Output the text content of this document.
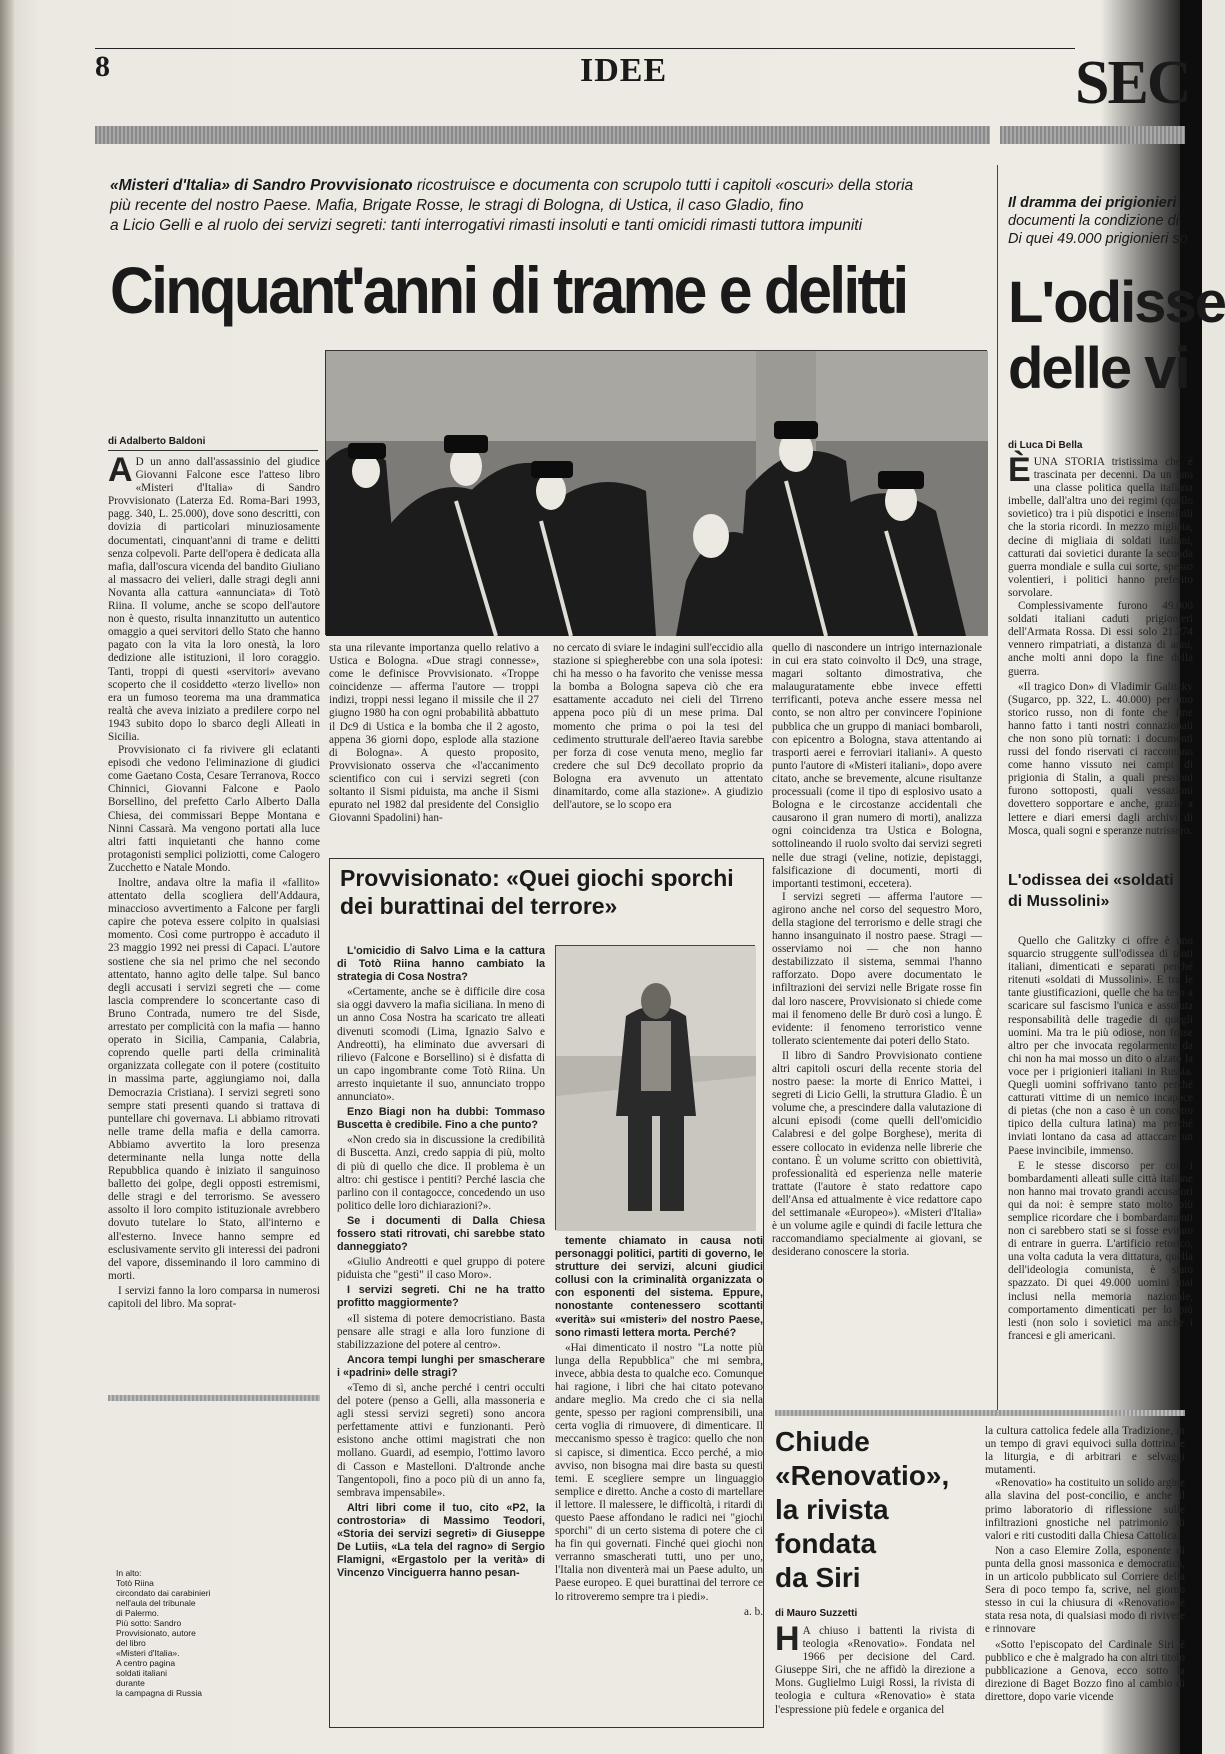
8	IDEE	SEC
«Misteri d'Italia» di Sandro Provvisionato ricostruisce e documenta con scrupolo tutti i capitoli «oscuri» della storia
più recente del nostro Paese. Mafia, Brigate Rosse, le stragi di Bologna, di Ustica, il caso Gladio, fino
a Licio Gelli e al ruolo dei servizi segreti: tanti interrogativi rimasti insoluti e tanti omicidi rimasti tuttora impuniti
Cinquant'anni di trame e delitti
di Adalberto Baldoni
A D un anno dall'assassinio del giudice Giovanni Falcone esce l'atteso libro «Misteri d'Italia» di Sandro Provvisionato (Laterza Ed. Roma-Bari 1993, pagg. 340, L. 25.000), dove sono descritti, con dovizia di particolari minuziosamente documentati, cinquant'anni di trame e delitti senza colpevoli. Parte dell'opera è dedicata alla mafia, dall'oscura vicenda del bandito Giuliano al massacro dei velieri, dalle stragi degli anni Novanta alla cattura «annunciata» di Totò Riina. Il volume, anche se scopo dell'autore non è questo, risulta innanzitutto un autentico omaggio a quei servitori dello Stato che hanno pagato con la vita la loro onestà, la loro dedizione alle istituzioni, il loro coraggio. Tanti, troppi di questi «servitori» avevano scoperto che il cosiddetto «terzo livello» non era un fumoso teorema ma una drammatica realtà che aveva iniziato a predilere corpo nel 1943 subito dopo lo sbarco degli Alleati in Sicilia.

Provvisionato ci fa rivivere gli eclatanti episodi che vedono l'eliminazione di giudici come Gaetano Costa, Cesare Terranova, Rocco Chinnici, Giovanni Falcone e Paolo Borsellino, del prefetto Carlo Alberto Dalla Chiesa, dei commissari Beppe Montana e Ninni Cassarà. Ma vengono portati alla luce altri fatti inquietanti che hanno come protagonisti semplici poliziotti, come Calogero Zucchetto e Natale Mondo.

Inoltre, andava oltre la mafia il «fallito» attentato della scogliera dell'Addaura, minaccioso avvertimento a Falcone per fargli capire che poteva essere colpito in qualsiasi momento. Così come purtroppo è accaduto il 23 maggio 1992 nei pressi di Capaci. L'autore sostiene che sia nel primo che nel secondo attentato, hanno agito delle talpe. Sul banco degli accusati i servizi segreti che — come lascia comprendere lo sconcertante caso di Bruno Contrada, numero tre del Sisde, arrestato per complicità con la mafia — hanno operato in Sicilia, Campania, Calabria, coprendo quelle parti della criminalità organizzata collegate con il potere (costituito in massima parte, aggiungiamo noi, dalla Democrazia Cristiana). I servizi segreti sono sempre stati presenti quando si trattava di puntellare chi governava. Li abbiamo ritrovati nelle trame della mafia e della camorra. Abbiamo avvertito la loro presenza determinante nella lunga notte della Repubblica quando è iniziato il sanguinoso balletto dei golpe, degli opposti estremismi, delle stragi e del terrorismo. Se avessero assolto il loro compito istituzionale avrebbero dovuto tutelare lo Stato, all'interno e all'esterno. Invece hanno sempre ed esclusivamente servito gli interessi dei padroni del vapore, disseminando il loro cammino di morti.

I servizi fanno la loro comparsa in numerosi capitoli del libro. Ma soprat-

In alto:
Totò Riina
circondato dai carabinieri
nell'aula del tribunale
di Palermo.
Più sotto: Sandro
Provvisionato, autore
del libro
«Misteri d'Italia».
A centro pagina
soldati italiani
durante
la campagna di Russia
sta una rilevante importanza quello relativo a Ustica e Bologna. «Due stragi connesse», come le definisce Provvisionato. «Troppe coincidenze — afferma l'autore — troppi indizi, troppi nessi legano il missile che il 27 giugno 1980 ha con ogni probabilità abbattuto il Dc9 di Ustica e la bomba che il 2 agosto, appena 36 giorni dopo, esplode alla stazione di Bologna». A questo proposito, Provvisionato osserva che «l'accanimento scientifico con cui i servizi segreti (con soltanto il Sismi piduista, ma anche il Sismi epurato nel 1982 dal presidente del Consiglio Giovanni Spadolini) han-
no cercato di sviare le indagini sull'eccidio alla stazione si spiegherebbe con una sola ipotesi: chi ha messo o ha favorito che venisse messa la bomba a Bologna sapeva ciò che era esattamente accaduto nei cieli del Tirreno appena poco più di un mese prima. Dal momento che prima o poi la tesi del cedimento strutturale dell'aereo Itavia sarebbe per forza di cose venuta meno, meglio far credere che sul Dc9 decollato proprio da Bologna era avvenuto un attentato dinamitardo, come alla stazione». A giudizio dell'autore, se lo scopo era
quello di nascondere un intrigo internazionale in cui era stato coinvolto il Dc9, una strage, magari soltanto dimostrativa, che malauguratamente ebbe invece effetti terrificanti, poteva anche essere messa nel conto, se non altro per convincere l'opinione pubblica che un gruppo di maniaci bombaroli, con epicentro a Bologna, stava attentando ai trasporti aerei e ferroviari italiani». A questo punto l'autore di «Misteri italiani», dopo avere citato, anche se brevemente, alcune risultanze processuali (come il tipo di esplosivo usato a Bologna e le circostanze accidentali che causarono il gran numero di morti), analizza ogni coincidenza tra Ustica e Bologna, sottolineando il ruolo svolto dai servizi segreti nelle due stragi (veline, notizie, depistaggi, falsificazione di documenti, morti di importanti testimoni, eccetera).

I servizi segreti — afferma l'autore — agirono anche nel corso del sequestro Moro, della stagione del terrorismo e delle stragi che hanno insanguinato il nostro paese. Stragi — osserviamo noi — che non hanno destabilizzato il sistema, semmai l'hanno rafforzato. Dopo avere documentato le infiltrazioni dei servizi nelle Brigate rosse fin dal loro nascere, Provvisionato si chiede come mai il fenomeno delle Br durò così a lungo. È evidente: il fenomeno terroristico venne tollerato scientemente dai poteri dello Stato.

Il libro di Sandro Provvisionato contiene altri capitoli oscuri della recente storia del nostro paese: la morte di Enrico Mattei, i segreti di Licio Gelli, la struttura Gladio. È un volume che, a prescindere dalla valutazione di alcuni episodi (come quelli dell'omicidio Calabresi e del golpe Borghese), merita di essere collocato in evidenza nelle librerie che contano. È un volume scritto con obiettività, professionalità ed esperienza nelle materie trattate (l'autore è stato redattore capo dell'Ansa ed attualmente è vice redattore capo del settimanale «Europeo»). «Misteri d'Italia» è un volume agile e quindi di facile lettura che raccomandiamo specialmente ai giovani, se desiderano conoscere la storia.

Provvisionato: «Quei giochi sporchi dei burattinai del terrore»

L'omicidio di Salvo Lima e la cattura di Totò Riina hanno cambiato la strategia di Cosa Nostra?

«Certamente, anche se è difficile dire cosa sia oggi davvero la mafia siciliana. In meno di un anno Cosa Nostra ha scaricato tre alleati divenuti scomodi (Lima, Ignazio Salvo e Andreotti), ha eliminato due avversari di rilievo (Falcone e Borsellino) si è disfatta di un capo ingombrante come Totò Riina. Un arresto inquietante il suo, annunciato troppo annunciato».

Enzo Biagi non ha dubbi: Tommaso Buscetta è credibile. Fino a che punto?

«Non credo sia in discussione la credibilità di Buscetta. Anzi, credo sappia di più, molto di più di quello che dice. Il problema è un altro: chi gestisce i pentiti? Perché lascia che parlino con il contagocce, concedendo un uso politico delle loro dichiarazioni?».

Se i documenti di Dalla Chiesa fossero stati ritrovati, chi sarebbe stato danneggiato?

«Giulio Andreotti e quel gruppo di potere piduista che "gestì" il caso Moro».

I servizi segreti. Chi ne ha tratto profitto maggiormente?

«Il sistema di potere democristiano. Basta pensare alle stragi e alla loro funzione di stabilizzazione del potere al centro».

Ancora tempi lunghi per smascherare i «padrini» delle stragi?

«Temo di sì, anche perché i centri occulti del potere (penso a Gelli, alla massoneria e agli stessi servizi segreti) sono ancora perfettamente attivi e funzionanti. Però esistono anche ottimi magistrati che non mollano. Guardi, ad esempio, l'ottimo lavoro di Casson e Mastelloni. D'altronde anche Tangentopoli, fino a poco più di un anno fa, sembrava impensabile».

Altri libri come il tuo, cito «P2, la controstoria» di Massimo Teodori, «Storia dei servizi segreti» di Giuseppe De Lutiis, «La tela del ragno» di Sergio Flamigni, «Ergastolo per la verità» di Vincenzo Vinciguerra hanno pesan-

temente chiamato in causa noti personaggi politici, partiti di governo, le strutture dei servizi, alcuni giudici collusi con la criminalità organizzata o con esponenti del sistema. Eppure, nonostante contenessero scottanti «verità» sui «misteri» del nostro Paese, sono rimasti lettera morta. Perché?

«Hai dimenticato il nostro "La notte più lunga della Repubblica" che mi sembra, invece, abbia desta to qualche eco. Comunque hai ragione, i libri che hai citato potevano andare meglio. Ma credo che ci sia nella gente, spesso per ragioni comprensibili, una certa voglia di rimuovere, di dimenticare. Il meccanismo spesso è tragico: quello che non si capisce, si dimentica. Ecco perché, a mio avviso, non bisogna mai dire basta su questi temi. E scegliere sempre un linguaggio semplice e diretto. Anche a costo di martellare il lettore. Il malessere, le difficoltà, i ritardi di questo Paese affondano le radici nei "giochi sporchi" di un certo sistema di potere che ci ha fin qui governati. Finché quei giochi non verranno smascherati tutti, uno per uno, l'Italia non diventerà mai un Paese adulto, un Paese europeo. E quei burattinai del terrore ce lo ritroveremo sempre tra i piedi».

a. b.

Il dramma dei prigionieri
documenti la condizione di
Di quei 49.000 prigionieri so
L'odisse
delle vi
di Luca Di Bella
ÈUNA STORIA tristissima che è trascinata per decenni. Da un lato una classe politica quella italiana imbelle, dall'altra uno dei regimi (quello sovietico) tra i più dispotici e insensibili che la storia ricordi. In mezzo migliaia, decine di migliaia di soldati italiani, catturati dai sovietici durante la seconda guerra mondiale e sulla cui sorte, spesso volentieri, i politici hanno preferito sorvolare.

Complessivamente furono 49.000 soldati italiani caduti prigionieri dell'Armata Rossa. Di essi solo 21.274 vennero rimpatriati, a distanza di anni, anche molti anni dopo la fine della guerra.

«Il tragico Don» di Vladimir Galitzky (Sugarco, pp. 322, L. 40.000) per uno storico russo, non di fonte che fine hanno fatto i tanti nostri connazionali che non sono più tornati: i documenti russi del fondo riservati ci raccontano come hanno vissuto nei campi di prigionia di Stalin, a quali pressioni furono sottoposti, quali vessazioni dovettero sopportare e anche, grazie a lettere e diari emersi dagli archivi di Mosca, quali sogni e speranze nutrissero.

L'odissea dei «soldati
di Mussolini»

Quello che Galitzky ci offre è uno squarcio struggente sull'odissea di tanti italiani, dimenticati e separati perché ritenuti «soldati di Mussolini». E tra le tante giustificazioni, quelle che ha teso a scaricare sul fascismo l'unica e assoluta responsabilità delle tragedie di quegli uomini. Ma tra le più odiose, non fosse altro per che invocata regolarmente da chi non ha mai mosso un dito o alzato la voce per i prigionieri italiani in Russia. Quegli uomini soffrivano tanto perché catturati vittime di un nemico incapace di pietas (che non a caso è un concetto tipico della cultura latina) ma perché inviati lontano da casa ad attaccare un Paese invincibile, immenso.

E le stesse discorso per coi i bombardamenti alleati sulle città italiane non hanno mai trovato grandi accusatori qui da noi: è sempre stato molto più semplice ricordare che i bombardamenti non ci sarebbero stati se si fosse evitato di entrare in guerra. L'artificio retorico, una volta caduta la vera dittatura, quella dell'ideologia comunista, è stato spazzato. Di quei 49.000 uomini mai inclusi nella memoria nazionale, comportamento dimenticati per lo più lesti (non solo i sovietici ma anche i francesi e gli americani.

Chiude
«Renovatio»,
la rivista
fondata
da Siri
di Mauro Suzzetti
H A chiuso i battenti la rivista di teologia «Renovatio». Fondata nel 1966 per decisione del Card. Giuseppe Siri, che ne affidò la direzione a Mons. Guglielmo Luigi Rossi, la rivista di teologia e cultura «Renovatio» è stata l'espressione più fedele e organica del
la cultura cattolica fedele alla Tradizione, in un tempo di gravi equivoci sulla dottrina e la liturgia, e di arbitrari e selvaggi mutamenti.

«Renovatio» ha costituito un solido argine alla slavina del post-concilio, e anche il primo laboratorio di riflessione sulle infiltrazioni gnostiche nel patrimonio di valori e riti custoditi dalla Chiesa Cattolica.

Non a caso Elemire Zolla, esponente di punta della gnosi massonica e democratica, in un articolo pubblicato sul Corriere della Sera di poco tempo fa, scrive, nel giorno stesso in cui la chiusura di «Renovatio» è stata resa nota, di qualsiasi modo di rivivere e rinnovare

«Sotto l'episcopato del Cardinale Siri è pubblico e che è malgrado ha con altri titolo pubblicazione a Genova, ecco sotto la direzione di Baget Bozzo fino al cambio di direttore, dopo varie vicende
